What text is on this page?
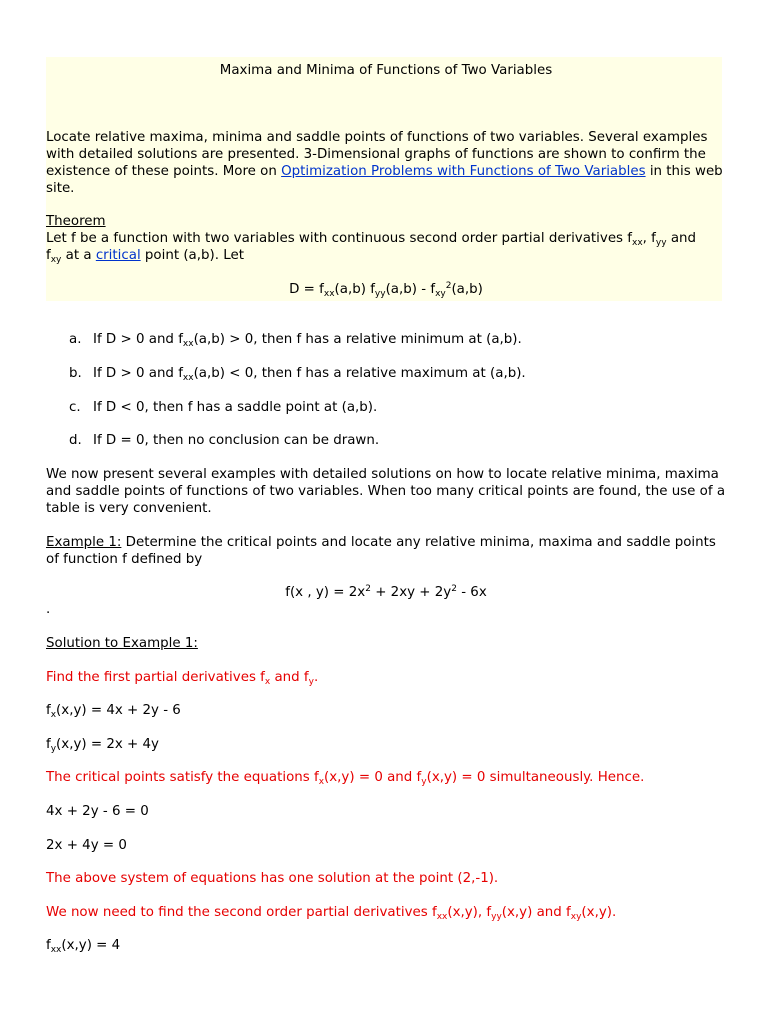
Maxima and Minima of Functions of Two Variables
Locate relative maxima, minima and saddle points of functions of two variables. Several examples with detailed solutions are presented. 3-Dimensional graphs of functions are shown to confirm the existence of these points. More on Optimization Problems with Functions of Two Variables in this web site.
Theorem
Let f be a function with two variables with continuous second order partial derivatives $f_{xx}$, $f_{yy}$ and
$f_{xy}$ at a critical point (a,b). Let
$D = f_{xx}(a,b)$ $f_{yy}(a,b) - f_{xy}^2(a,b)$
a. If D > 0 and $f_{xx}(a,b) > 0$, then f has a relative minimum at (a,b).
b. If D > 0 and $f_{xx}(a,b) < 0$, then f has a relative maximum at (a,b).
c. If D < 0, then f has a saddle point at (a,b).
d. If D = 0, then no conclusion can be drawn.
We now present several examples with detailed solutions on how to locate relative minima, maxima and saddle points of functions of two variables. When too many critical points are found, the use of a table is very convenient.
Example 1: Determine the critical points and locate any relative minima, maxima and saddle points of function f defined by
f(x , $y) = 2x^2 + 2xy + 2y^2 - 6x$
.
Solution to Example 1:
Find the first partial derivatives $f_x$ and $f_y$.
$f_x(x,y) = 4x + 2y - 6$
$f_y(x,y) = 2x + 4y$
The critical points satisfy the equations $f_x(x,y) = 0$ and $f_y(x,y) = 0$ simultaneously. Hence.
4x + 2y - 6 = 0
2x + 4y = 0
The above system of equations has one solution at the point (2,-1).
We now need to find the second order partial derivatives $f_{xx}(x,y)$, $f_{yy}(x,y)$ and $f_{xy}(x,y)$.
$f_{xx}(x,y) = 4$
